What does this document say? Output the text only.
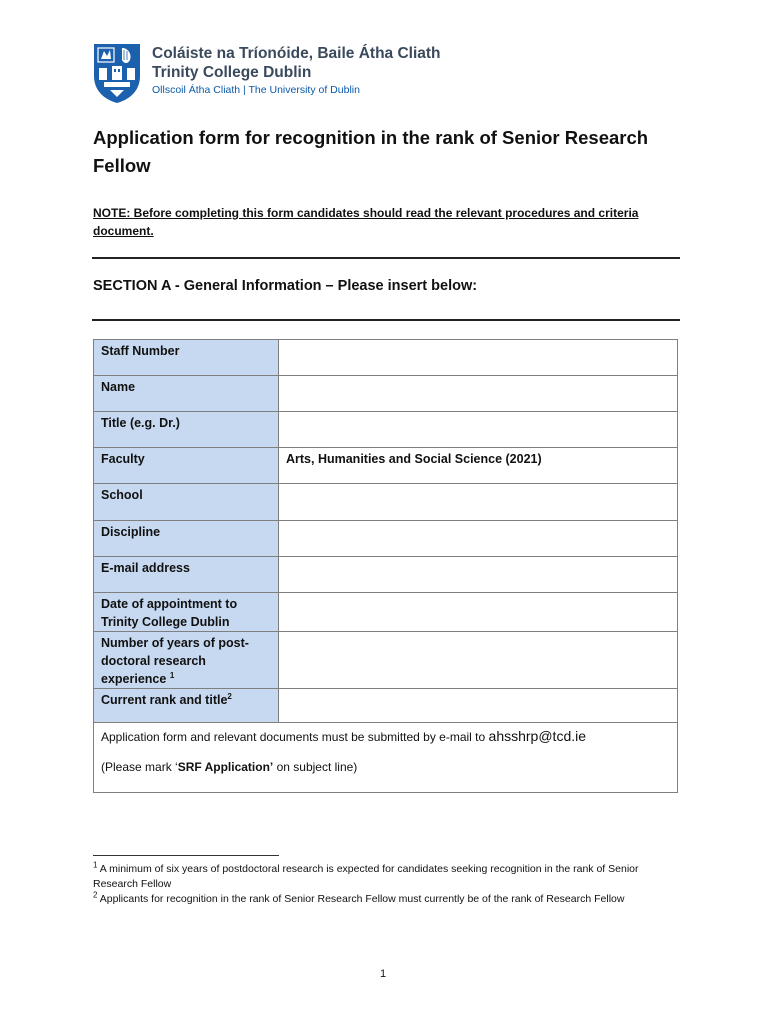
Coláiste na Tríonóide, Baile Átha Cliath
Trinity College Dublin
Ollscoil Átha Cliath | The University of Dublin
Application form for recognition in the rank of Senior Research Fellow

NOTE: Before completing this form candidates should read the relevant procedures and criteria document.

SECTION A - General Information – Please insert below:
Staff Number	
Name	
Title (e.g. Dr.)	
Faculty	Arts, Humanities and Social Science (2021)
School	
Discipline	
E-mail address	
Date of appointment to Trinity College Dublin	
Number of years of post-doctoral research experience $^1$	
Current rank and title$^2$	

Application form and relevant documents must be submitted by e-mail to ahsshrp@tcd.ie
(Please mark ‘SRF Application’ on subject line)	

$^1$ A minimum of six years of postdoctoral research is expected for candidates seeking recognition in the rank of Senior Research Fellow

$^2$ Applicants for recognition in the rank of Senior Research Fellow must currently be of the rank of Research Fellow

1
